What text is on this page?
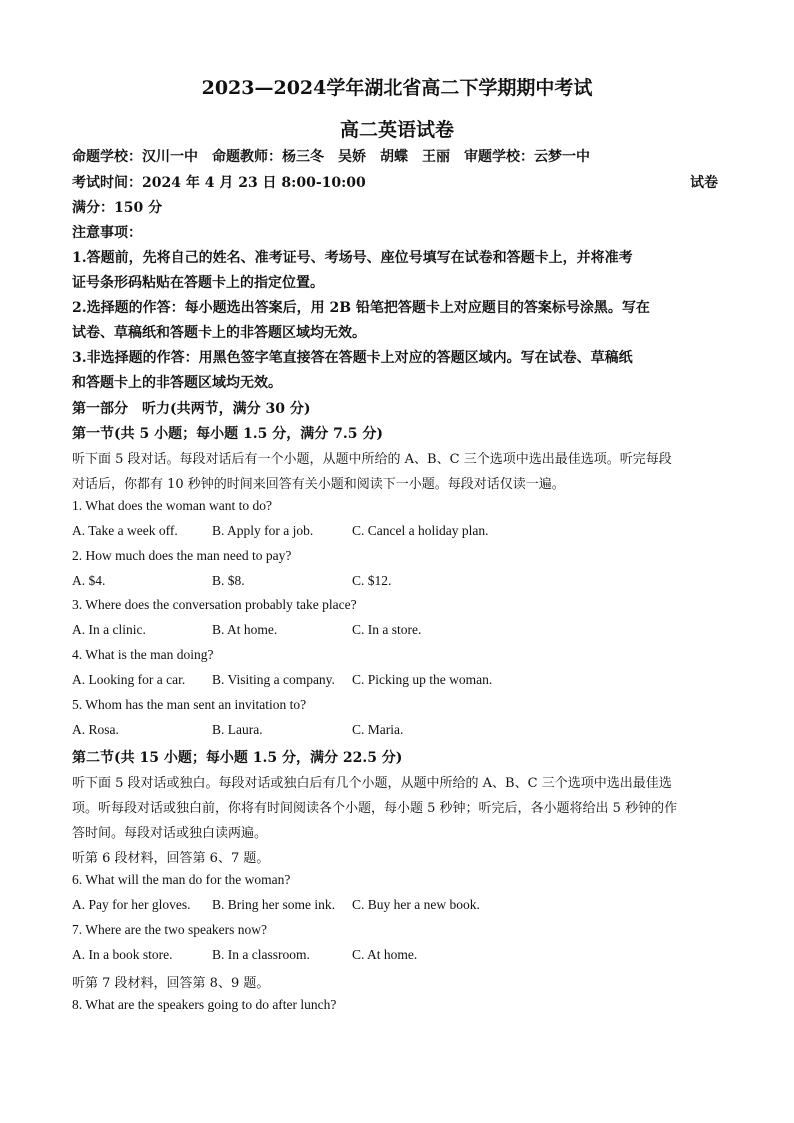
2023—2024学年湖北省高二下学期期中考试
高二英语试卷
命题学校：汉川一中　命题教师：杨三冬　吴娇　胡蝶　王丽　审题学校：云梦一中
考试时间：2024 年 4 月 23 日 8:00-10:00	试卷
满分：150 分
注意事项：
1.答题前，先将自己的姓名、准考证号、考场号、座位号填写在试卷和答题卡上，并将准考
证号条形码粘贴在答题卡上的指定位置。
2.选择题的作答：每小题选出答案后，用 2B 铅笔把答题卡上对应题目的答案标号涂黑。写在
试卷、草稿纸和答题卡上的非答题区域均无效。
3.非选择题的作答：用黑色签字笔直接答在答题卡上对应的答题区域内。写在试卷、草稿纸
和答题卡上的非答题区域均无效。
第一部分　听力(共两节，满分 30 分)
第一节(共 5 小题；每小题 1.5 分，满分 7.5 分)
听下面 5 段对话。每段对话后有一个小题，从题中所给的 A、B、C 三个选项中选出最佳选项。听完每段
对话后，你都有 10 秒钟的时间来回答有关小题和阅读下一小题。每段对话仅读一遍。
1. What does the woman want to do?
A. Take a week off.	B. Apply for a job.	C. Cancel a holiday plan.
2. How much does the man need to pay?
A. $4.	B. $8.	C. $12.
3. Where does the conversation probably take place?
A. In a clinic.	B. At home.	C. In a store.
4. What is the man doing?
A. Looking for a car. B. Visiting a company. C. Picking up the woman.
5. Whom has the man sent an invitation to?
A. Rosa.	B. Laura.	C. Maria.
第二节(共 15 小题；每小题 1.5 分，满分 22.5 分)
听下面 5 段对话或独白。每段对话或独白后有几个小题，从题中所给的 A、B、C 三个选项中选出最佳选
项。听每段对话或独白前，你将有时间阅读各个小题，每小题 5 秒钟；听完后，各小题将给出 5 秒钟的作
答时间。每段对话或独白读两遍。
听第 6 段材料，回答第 6、7 题。
6. What will the man do for the woman?
A. Pay for her gloves. B. Bring her some ink. C. Buy her a new book.
7. Where are the two speakers now?
A. In a book store.	B. In a classroom.	C. At home.
听第 7 段材料，回答第 8、9 题。
8. What are the speakers going to do after lunch?
